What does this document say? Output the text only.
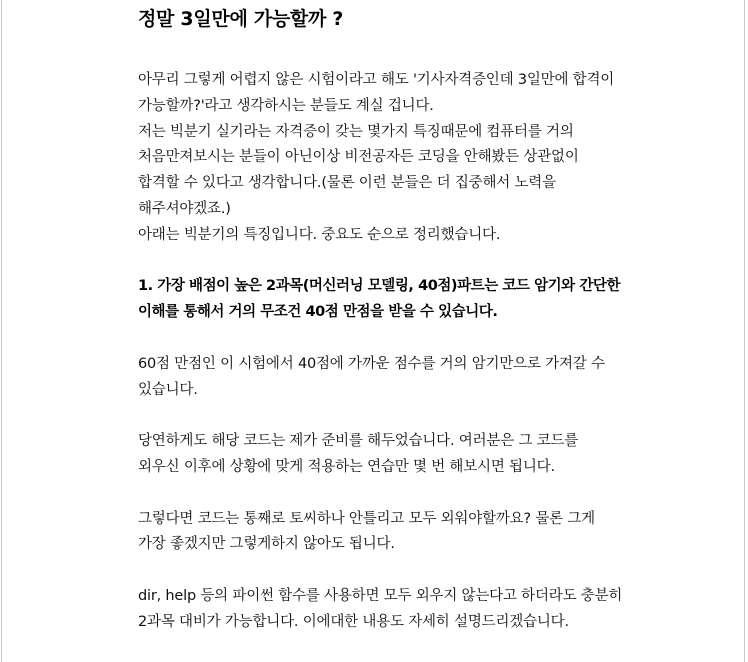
정말 3일만에 가능할까 ?
아무리 그렇게 어렵지 않은 시험이라고 해도 '기사자격증인데 3일만에 합격이
가능할까?'라고 생각하시는 분들도 계실 겁니다.
저는 빅분기 실기라는 자격증이 갖는 몇가지 특징때문에 컴퓨터를 거의
처음만져보시는 분들이 아닌이상 비전공자든 코딩을 안해봤든 상관없이
합격할 수 있다고 생각합니다.(물론 이런 분들은 더 집중해서 노력을
해주셔야겠죠.)
아래는 빅분기의 특징입니다. 중요도 순으로 정리했습니다.
1. 가장 배점이 높은 2과목(머신러닝 모델링, 40점)파트는 코드 암기와 간단한
이해를 통해서 거의 무조건 40점 만점을 받을 수 있습니다.
60점 만점인 이 시험에서 40점에 가까운 점수를 거의 암기만으로 가져갈 수
있습니다.
당연하게도 해당 코드는 제가 준비를 해두었습니다. 여러분은 그 코드를
외우신 이후에 상황에 맞게 적용하는 연습만 몇 번 해보시면 됩니다.
그렇다면 코드는 통째로 토씨하나 안틀리고 모두 외워야할까요? 물론 그게
가장 좋겠지만 그렇게하지 않아도 됩니다.
dir, help 등의 파이썬 함수를 사용하면 모두 외우지 않는다고 하더라도 충분히
2과목 대비가 가능합니다. 이에대한 내용도 자세히 설명드리겠습니다.
